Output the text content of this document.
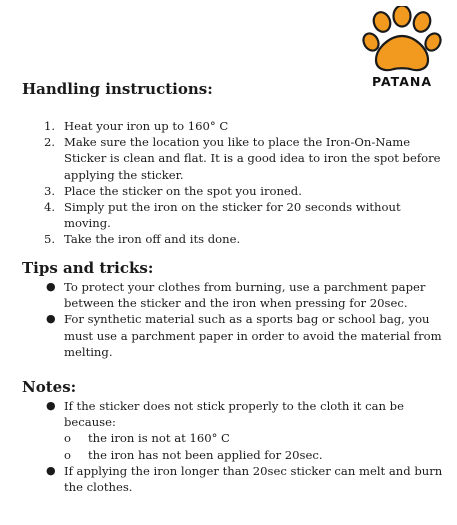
PATANA
Handling instructions:
1. Heat your iron up to 160° C
2. Make sure the location you like to place the Iron-On-Name Sticker is clean and flat. It is a good idea to iron the spot before applying the sticker.
3. Place the sticker on the spot you ironed.
4. Simply put the iron on the sticker for 20 seconds without moving.
5. Take the iron off and its done.
Tips and tricks:
● To protect your clothes from burning, use a parchment paper between the sticker and the iron when pressing for 20sec.
● For synthetic material such as a sports bag or school bag, you must use a parchment paper in order to avoid the material from melting.
Notes:
● If the sticker does not stick properly to the cloth it can be because:
o the iron is not at 160° C
o the iron has not been applied for 20sec.
● If applying the iron longer than 20sec sticker can melt and burn the clothes.
